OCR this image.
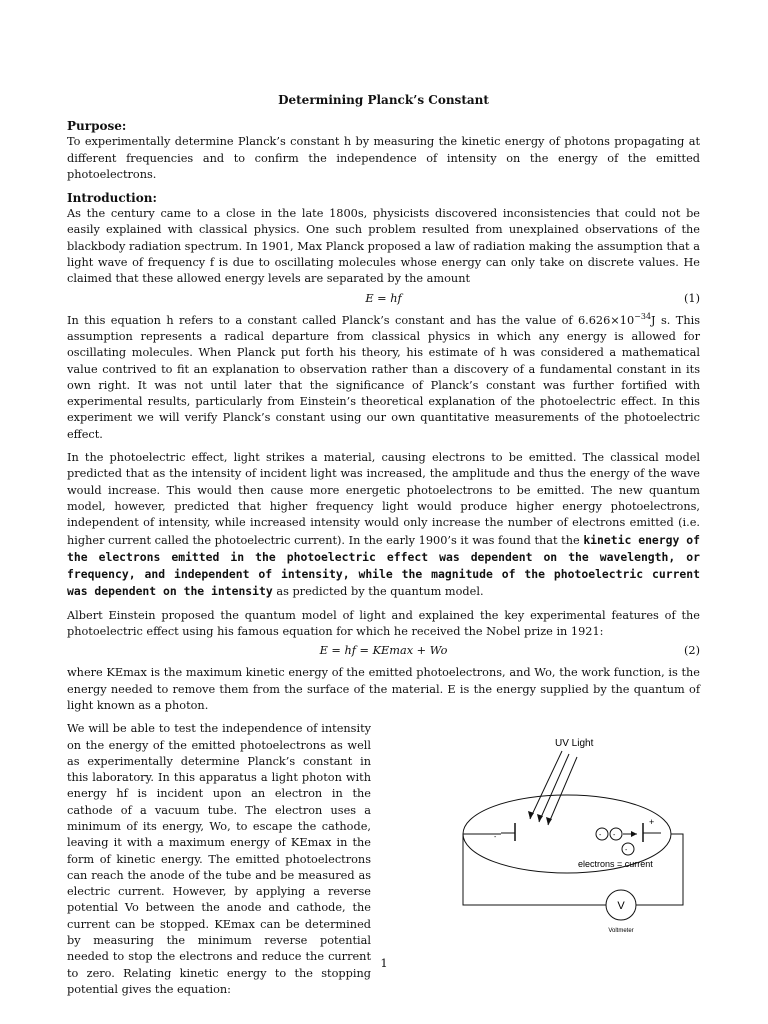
Determining Planck’s Constant
Purpose:

To experimentally determine Planck’s constant h by measuring the kinetic energy of photons propagating at different frequencies and to confirm the independence of intensity on the energy of the emitted photoelectrons.

Introduction:

As the century came to a close in the late 1800s, physicists discovered inconsistencies that could not be easily explained with classical physics. One such problem resulted from unexplained observations of the blackbody radiation spectrum. In 1901, Max Planck proposed a law of radiation making the assumption that a light wave of frequency f is due to oscillating molecules whose energy can only take on discrete values. He claimed that these allowed energy levels are separated by the amount

E = hf	(1)

In this equation h refers to a constant called Planck’s constant and has the value of $6.626\times 10^{-34}J$ s. This assumption represents a radical departure from classical physics in which any energy is allowed for oscillating molecules. When Planck put forth his theory, his estimate of h was considered a mathematical value contrived to fit an explanation to observation rather than a discovery of a fundamental constant in its own right. It was not until later that the significance of Planck’s constant was further fortified with experimental results, particularly from Einstein’s theoretical explanation of the photoelectric effect. In this experiment we will verify Planck’s constant using our own quantitative measurements of the photoelectric effect.

In the photoelectric effect, light strikes a material, causing electrons to be emitted. The classical model predicted that as the intensity of incident light was increased, the amplitude and thus the energy of the wave would increase. This would then cause more energetic photoelectrons to be emitted. The new quantum model, however, predicted that higher frequency light would produce higher energy photoelectrons, independent of intensity, while increased intensity would only increase the number of electrons emitted (i.e. higher current called the photoelectric current). In the early 1900’s it was found that the kinetic energy of the electrons emitted in the photoelectric effect was dependent on the wavelength, or frequency, and independent of intensity, while the magnitude of the photoelectric current was dependent on the intensity as predicted by the quantum model.

Albert Einstein proposed the quantum model of light and explained the key experimental features of the photoelectric effect using his famous equation for which he received the Nobel prize in 1921:

E = hf = KEmax + Wo	(2)

where KEmax is the maximum kinetic energy of the emitted photoelectrons, and Wo, the work function, is the energy needed to remove them from the surface of the material. E is the energy supplied by the quantum of light known as a photon.

We will be able to test the independence of intensity on the energy of the emitted photoelectrons as well as experimentally determine Planck’s constant in this laboratory. In this apparatus a light photon with energy hf is incident upon an electron in the cathode of a vacuum tube. The electron uses a minimum of its energy, Wo, to escape the cathode, leaving it with a maximum energy of KEmax in the form of kinetic energy. The emitted photoelectrons can reach the anode of the tube and be measured as electric current. However, by applying a reverse potential Vo between the anode and cathode, the current can be stopped. KEmax can be determined by measuring the minimum reverse potential needed to stop the electrons and reduce the current to zero. Relating kinetic energy to the stopping potential gives the equation:

UV Light
-	- -
-
+
electrons = current
V
Voltmeter
1
